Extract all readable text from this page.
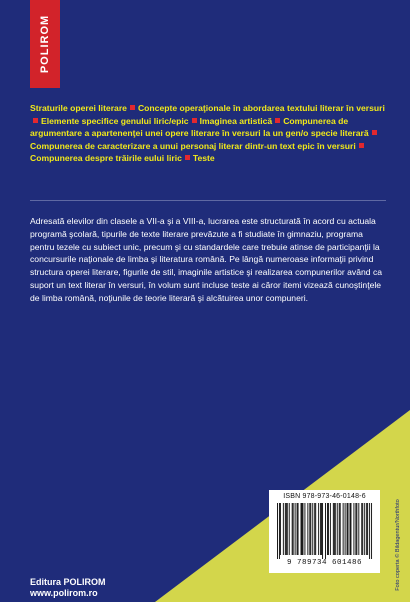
POLIROM
Straturile operei literare Concepte operaţionale în abordarea textului literar în versuriElemente specifice genului liric/epic Imaginea artistică Compunerea de argumentare a apartenenţei unei opere literare în versuri la un gen/o specie literarăCompunerea de caracterizare a unui personaj literar dintr-un text epic în versuriCompunerea despre trăirile eului liric Teste

Adresată elevilor din clasele a VII-a şi a VIII-a, lucrarea este structurată în acord cu actuala programă şcolară, tipurile de texte literare prevăzute a fi studiate în gimnaziu, programa pentru tezele cu subiect unic, precum şi cu standardele care trebuie atinse de participanţii la concursurile naţionale de limba şi literatura română. Pe lângă numeroase informaţii privind structura operei literare, figurile de stil, imaginile artistice şi realizarea compunerilor având ca suport un text literar în versuri, în volum sunt incluse teste ai căror itemi vizează cunoştinţele de limba română, noţiunile de teorie literară şi alcătuirea unor compuneri.

ISBN 978-973-46-0148-6
9 789734 601486
Editura POLIROM
www.polirom.ro
Foto coperta © Bildagentur/Northfoto
